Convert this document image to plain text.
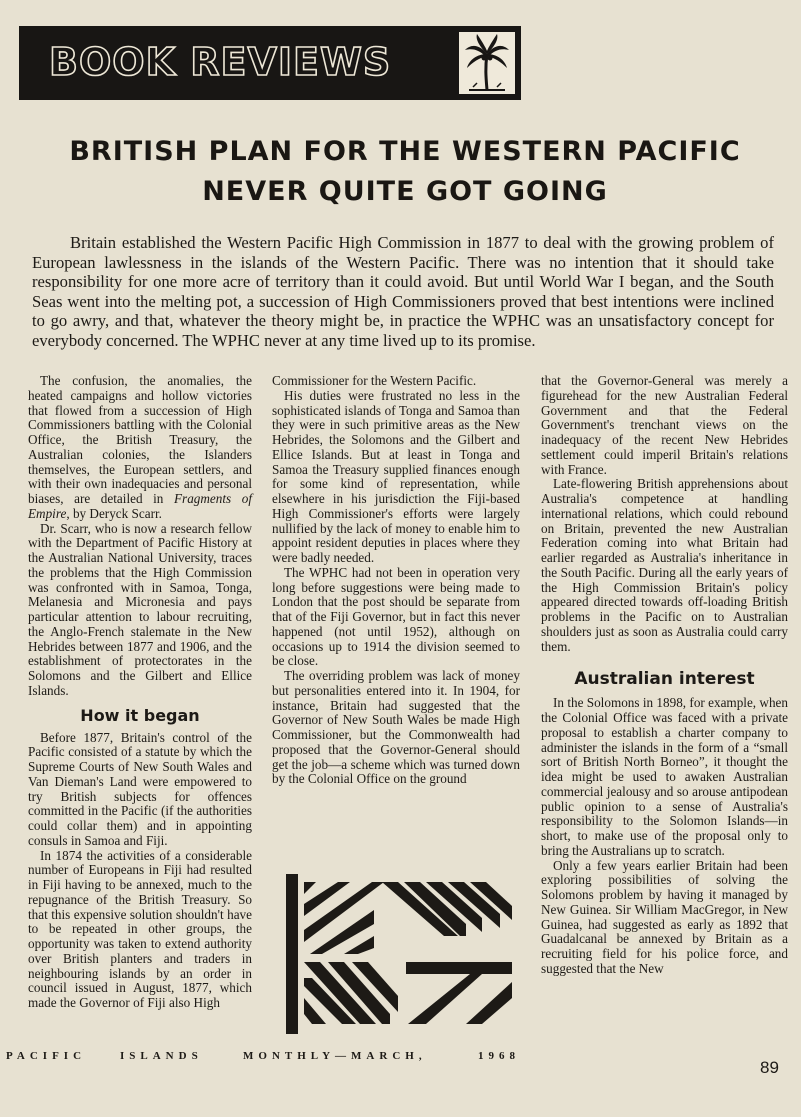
BOOK REVIEWS
BRITISH PLAN FOR THE WESTERN PACIFIC
NEVER QUITE GOT GOING

Britain established the Western Pacific High Commission in 1877 to deal with the growing problem of European lawlessness in the islands of the Western Pacific. There was no intention that it should take responsibility for one more acre of territory than it could avoid. But until World War I began, and the South Seas went into the melting pot, a succession of High Commissioners proved that best intentions were inclined to go awry, and that, whatever the theory might be, in practice the WPHC was an unsatisfactory concept for everybody concerned. The WPHC never at any time lived up to its promise.

The confusion, the anomalies, the heated campaigns and hollow victories that flowed from a succession of High Commissioners battling with the Colonial Office, the British Treasury, the Australian colonies, the Islanders themselves, the European settlers, and with their own inadequacies and personal biases, are detailed in Fragments of Empire, by Deryck Scarr.

Dr. Scarr, who is now a research fellow with the Department of Pacific History at the Australian National University, traces the problems that the High Commission was confronted with in Samoa, Tonga, Melanesia and Micronesia and pays particular attention to labour recruiting, the Anglo-French stalemate in the New Hebrides between 1877 and 1906, and the establishment of protectorates in the Solomons and the Gilbert and Ellice Islands.

How it began

Before 1877, Britain's control of the Pacific consisted of a statute by which the Supreme Courts of New South Wales and Van Dieman's Land were empowered to try British subjects for offences committed in the Pacific (if the authorities could collar them) and in appointing consuls in Samoa and Fiji.

In 1874 the activities of a considerable number of Europeans in Fiji had resulted in Fiji having to be annexed, much to the repugnance of the British Treasury. So that this expensive solution shouldn't have to be repeated in other groups, the opportunity was taken to extend authority over British planters and traders in neighbouring islands by an order in council issued in August, 1877, which made the Governor of Fiji also High

Commissioner for the Western Pacific.

His duties were frustrated no less in the sophisticated islands of Tonga and Samoa than they were in such primitive areas as the New Hebrides, the Solomons and the Gilbert and Ellice Islands. But at least in Tonga and Samoa the Treasury supplied finances enough for some kind of representation, while elsewhere in his jurisdiction the Fiji-based High Commissioner's efforts were largely nullified by the lack of money to enable him to appoint resident deputies in places where they were badly needed.

The WPHC had not been in operation very long before suggestions were being made to London that the post should be separate from that of the Fiji Governor, but in fact this never happened (not until 1952), although on occasions up to 1914 the division seemed to be close.

The overriding problem was lack of money but personalities entered into it. In 1904, for instance, Britain had suggested that the Governor of New South Wales be made High Commissioner, but the Commonwealth had proposed that the Governor-General should get the job—a scheme which was turned down by the Colonial Office on the ground

that the Governor-General was merely a figurehead for the new Australian Federal Government and that the Federal Government's trenchant views on the inadequacy of the recent New Hebrides settlement could imperil Britain's relations with France.

Late-flowering British apprehensions about Australia's competence at handling international relations, which could rebound on Britain, prevented the new Australian Federation coming into what Britain had earlier regarded as Australia's inheritance in the South Pacific. During all the early years of the High Commission Britain's policy appeared directed towards off-loading British problems in the Pacific on to Australian shoulders just as soon as Australia could carry them.

Australian interest

In the Solomons in 1898, for example, when the Colonial Office was faced with a private proposal to establish a charter company to administer the islands in the form of a “small sort of British North Borneo”, it thought the idea might be used to awaken Australian commercial jealousy and so arouse antipodean public opinion to a sense of Australia's responsibility to the Solomon Islands—in short, to make use of the proposal only to bring the Australians up to scratch.

Only a few years earlier Britain had been exploring possibilities of solving the Solomons problem by having it managed by New Guinea. Sir William MacGregor, in New Guinea, had suggested as early as 1892 that Guadalcanal be annexed by Britain as a recruiting field for his police force, and suggested that the New

PACIFIC	ISLANDS	MONTHLY—MARCH,	1968
89
